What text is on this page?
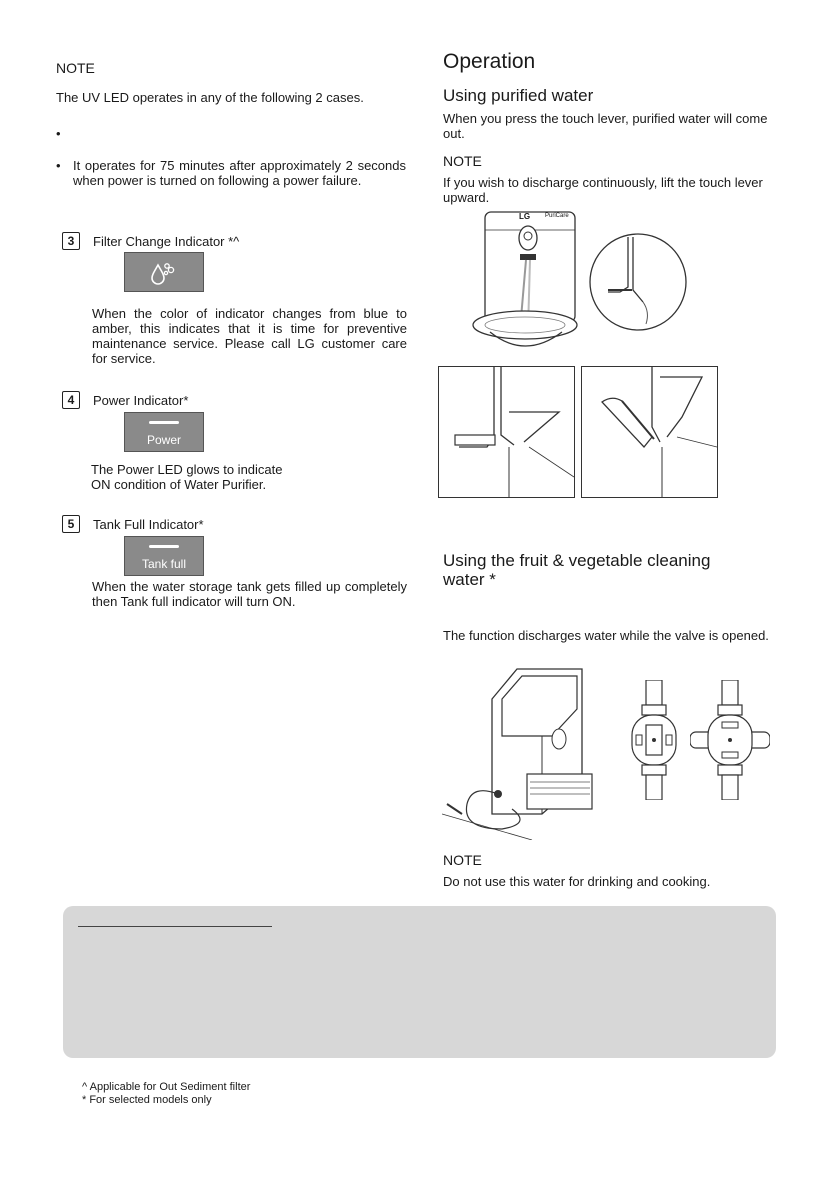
NOTE
The UV LED operates in any of the following 2 cases.
•
• It operates for 75 minutes after approximately 2 seconds when power is turned on following a power failure.
3	Filter Change Indicator *^
When the color of indicator changes from blue to amber, this indicates that it is time for preventive maintenance service. Please call LG customer care for service.
4	Power Indicator*
Power
The Power LED glows to indicate
ON condition of Water Purifier.
5	Tank Full Indicator*
Tank full
When the water storage tank gets filled up completely then Tank full indicator will turn ON.
Operation
Using purified water
When you press the touch lever, purified water will come out.
NOTE
If you wish to discharge continuously, lift the touch lever upward.
LG PuriCare
Using the fruit & vegetable cleaning
water *
The function discharges water while the valve is opened.
NOTE
Do not use this water for drinking and cooking.
^ Applicable for Out Sediment filter
* For selected models only
